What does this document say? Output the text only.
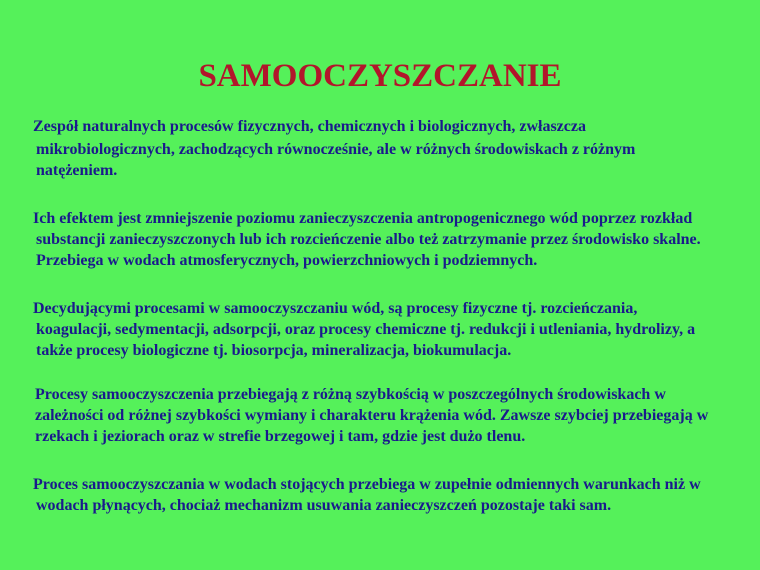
SAMOOCZYSZCZANIE
Zespół naturalnych procesów fizycznych, chemicznych i biologicznych, zwłaszcza
mikrobiologicznych, zachodzących równocześnie, ale w różnych środowiskach z różnym
natężeniem.
Ich efektem jest zmniejszenie poziomu zanieczyszczenia antropogenicznego wód poprzez rozkład
substancji zanieczyszczonych lub ich rozcieńczenie albo też zatrzymanie przez środowisko skalne.
Przebiega w wodach atmosferycznych, powierzchniowych i podziemnych.
Decydującymi procesami w samooczyszczaniu wód, są procesy fizyczne tj. rozcieńczania,
koagulacji, sedymentacji, adsorpcji, oraz procesy chemiczne tj. redukcji i utleniania, hydrolizy, a
także procesy biologiczne tj. biosorpcja, mineralizacja, biokumulacja.
Procesy samooczyszczenia przebiegają z różną szybkością w poszczególnych środowiskach w
zależności od różnej szybkości wymiany i charakteru krążenia wód. Zawsze szybciej przebiegają w
rzekach i jeziorach oraz w strefie brzegowej i tam, gdzie jest dużo tlenu.
Proces samooczyszczania w wodach stojących przebiega w zupełnie odmiennych warunkach niż w
wodach płynących, chociaż mechanizm usuwania zanieczyszczeń pozostaje taki sam.
